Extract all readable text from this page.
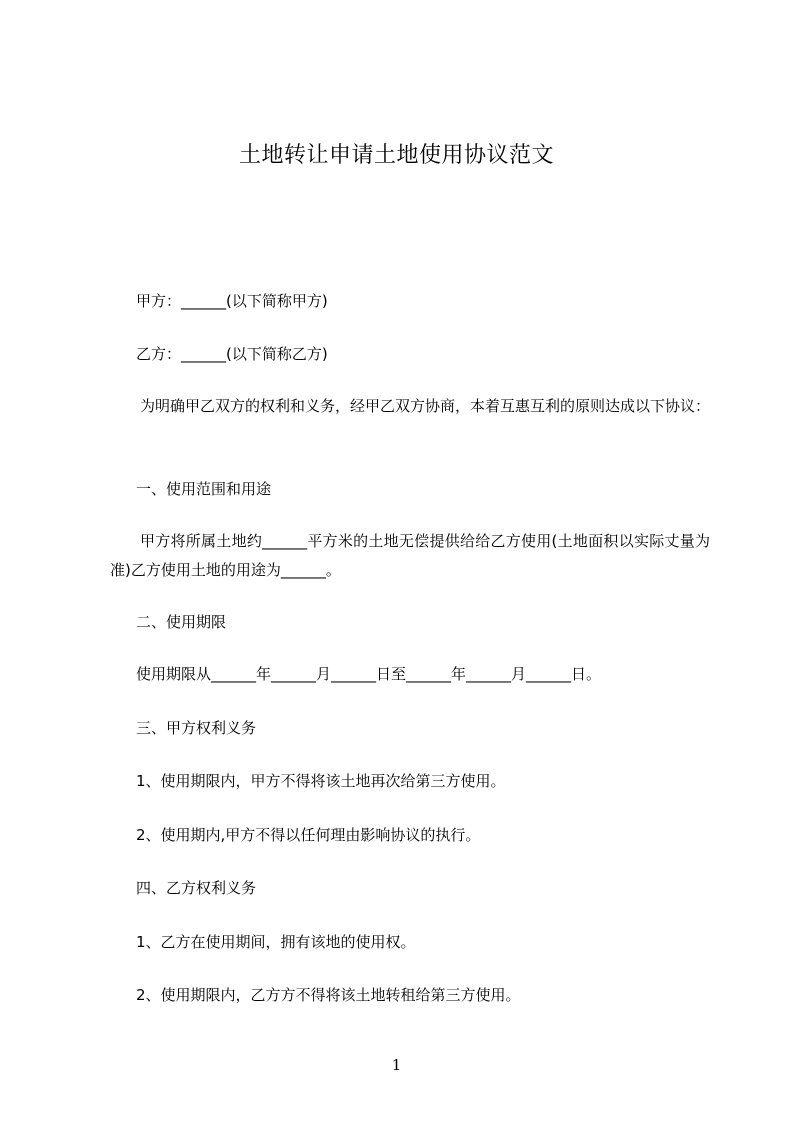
土地转让申请土地使用协议范文
甲方：______(以下简称甲方)
乙方：______(以下简称乙方)
为明确甲乙双方的权利和义务，经甲乙双方协商，本着互惠互利的原则达成以下协议：
一、使用范围和用途
甲方将所属土地约______平方米的土地无偿提供给给乙方使用(土地面积以实际丈量为准)乙方使用土地的用途为______。
二、使用期限
使用期限从______年______月______日至______年______月______日。
三、甲方权利义务
1、使用期限内，甲方不得将该土地再次给第三方使用。
2、使用期内,甲方不得以任何理由影响协议的执行。
四、乙方权利义务
1、乙方在使用期间，拥有该地的使用权。
2、使用期限内，乙方方不得将该土地转租给第三方使用。
1
